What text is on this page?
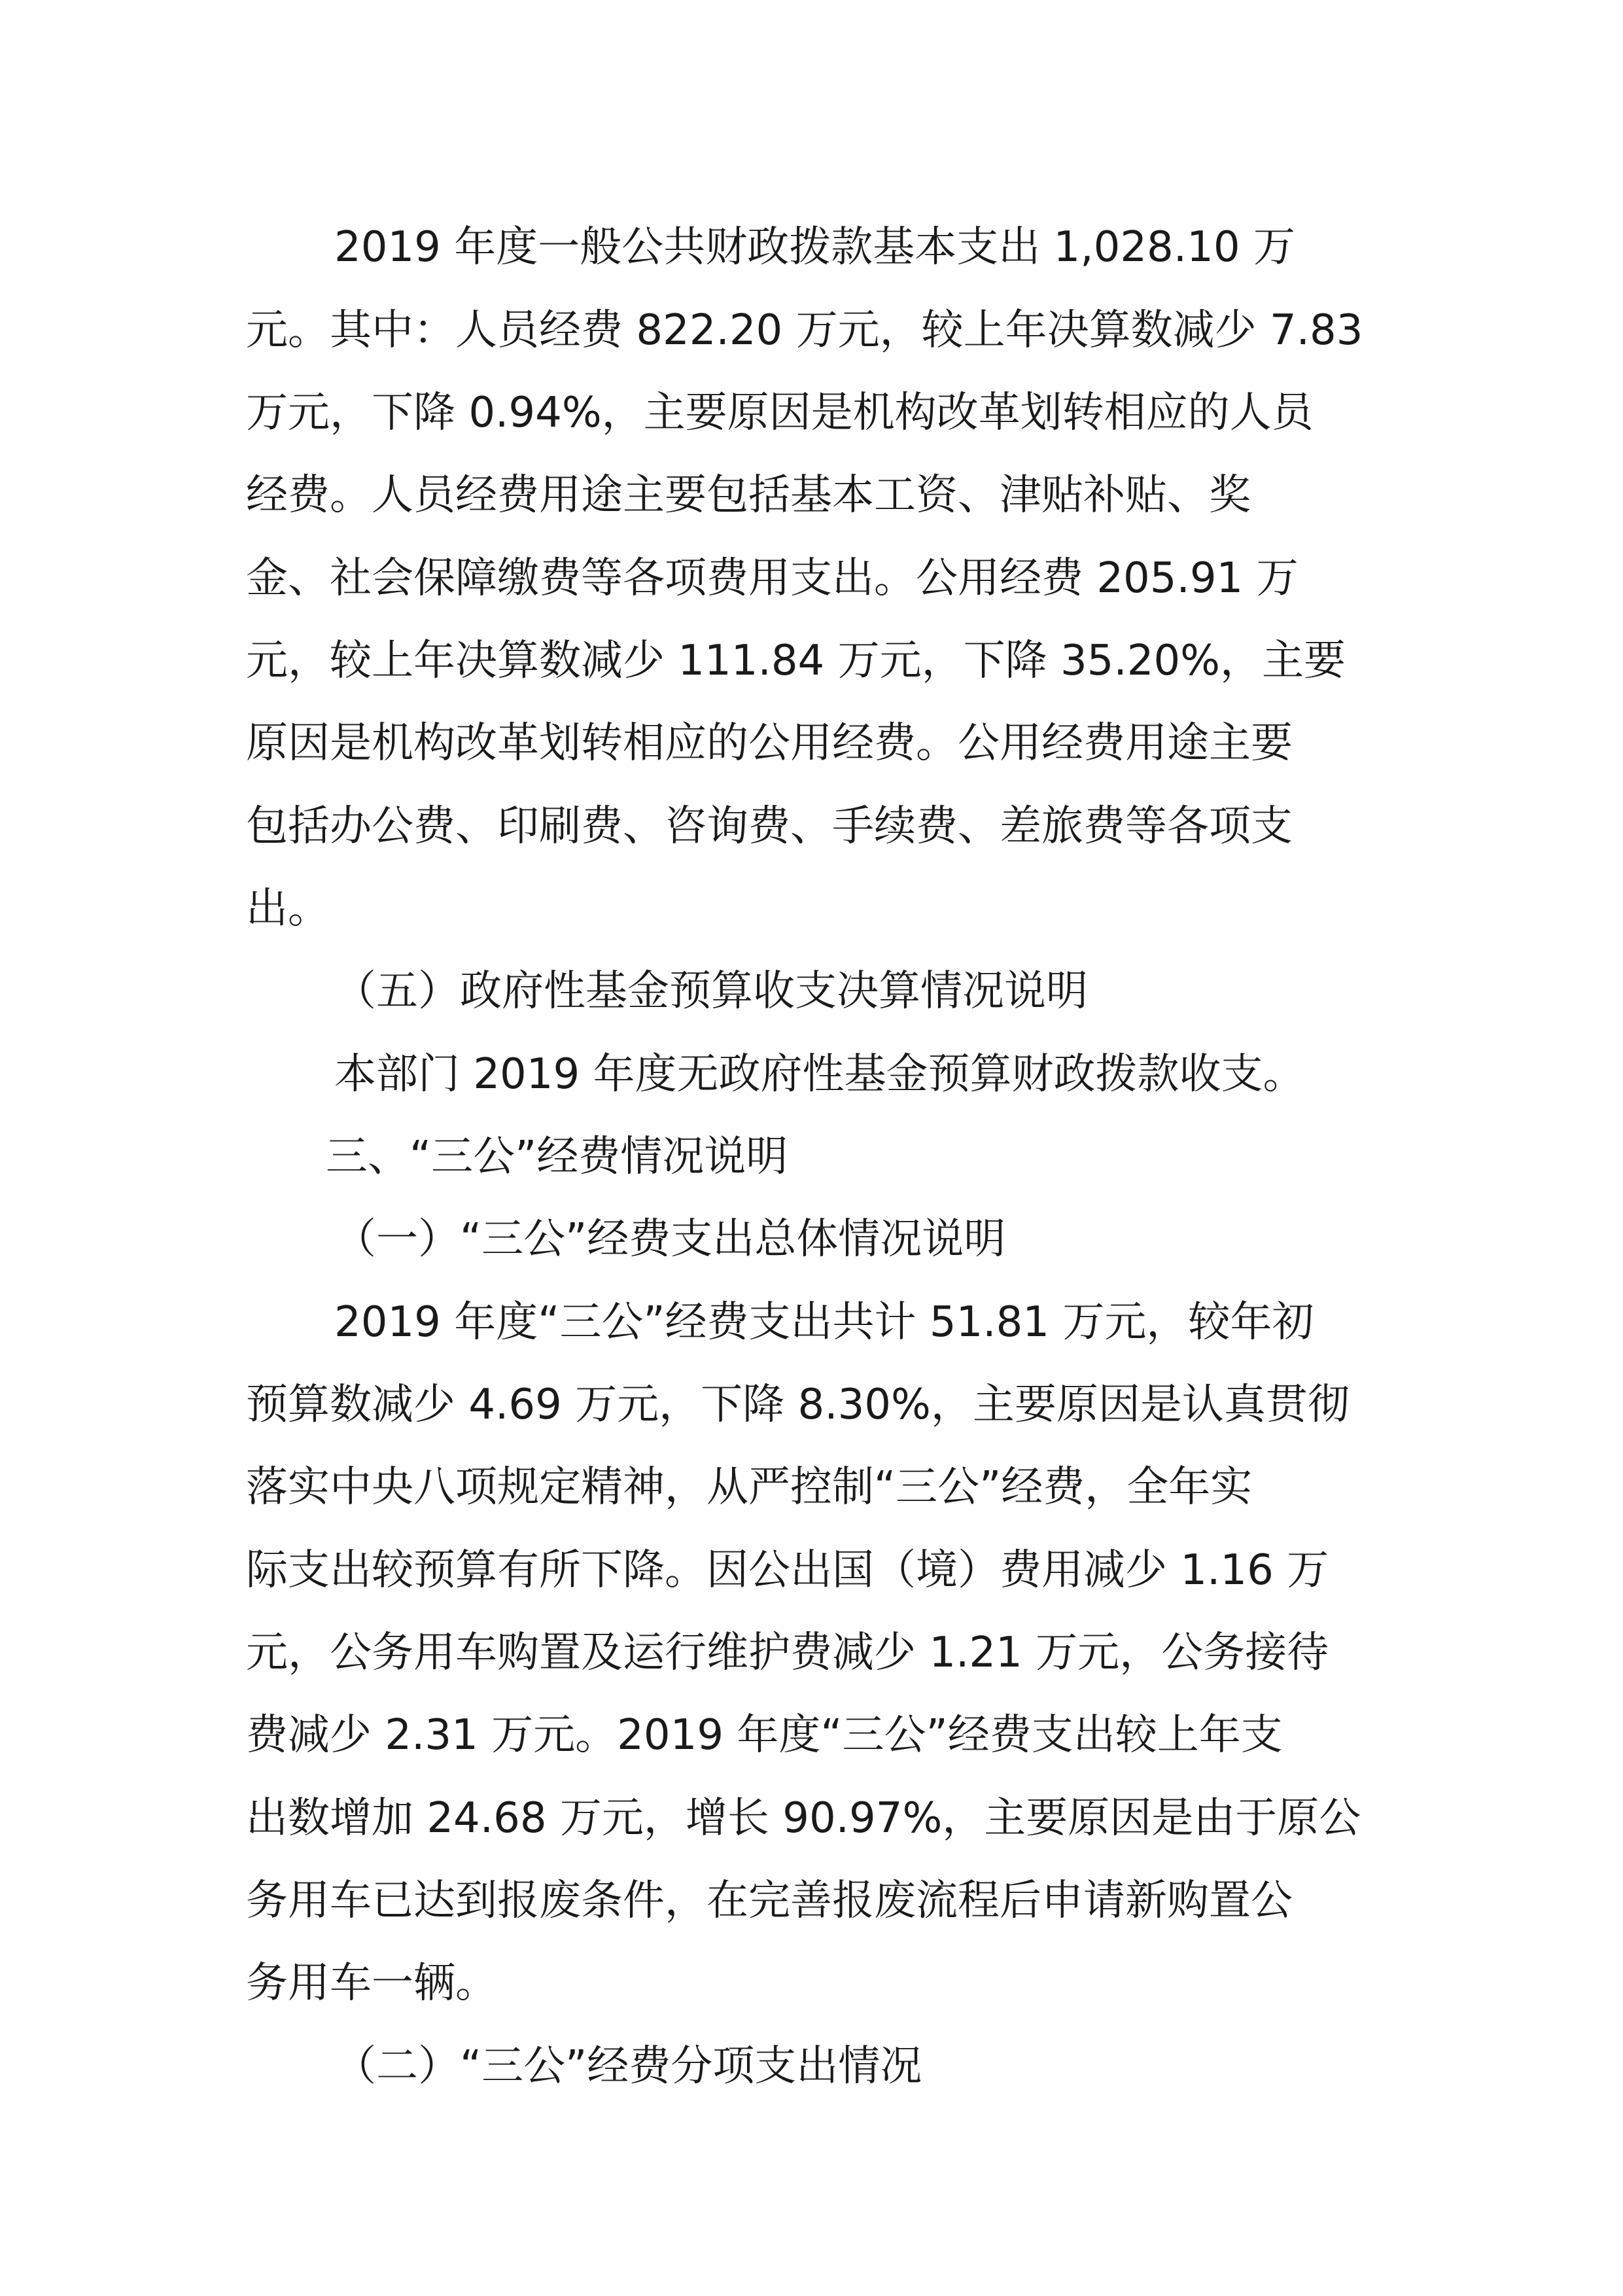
2019 年度一般公共财政拨款基本支出 1,028.10 万
元。其中：人员经费 822.20 万元，较上年决算数减少 7.83
万元，下降 0.94%，主要原因是机构改革划转相应的人员
经费。人员经费用途主要包括基本工资、津贴补贴、奖
金、社会保障缴费等各项费用支出。公用经费 205.91 万
元，较上年决算数减少 111.84 万元，下降 35.20%，主要
原因是机构改革划转相应的公用经费。公用经费用途主要
包括办公费、印刷费、咨询费、手续费、差旅费等各项支
出。
（五）政府性基金预算收支决算情况说明
本部门 2019 年度无政府性基金预算财政拨款收支。
三、“三公”经费情况说明
（一）“三公”经费支出总体情况说明
2019 年度“三公”经费支出共计 51.81 万元，较年初
预算数减少 4.69 万元，下降 8.30%，主要原因是认真贯彻
落实中央八项规定精神，从严控制“三公”经费，全年实
际支出较预算有所下降。因公出国（境）费用减少 1.16 万
元，公务用车购置及运行维护费减少 1.21 万元，公务接待
费减少 2.31 万元。2019 年度“三公”经费支出较上年支
出数增加 24.68 万元，增长 90.97%，主要原因是由于原公
务用车已达到报废条件，在完善报废流程后申请新购置公
务用车一辆。
（二）“三公”经费分项支出情况
